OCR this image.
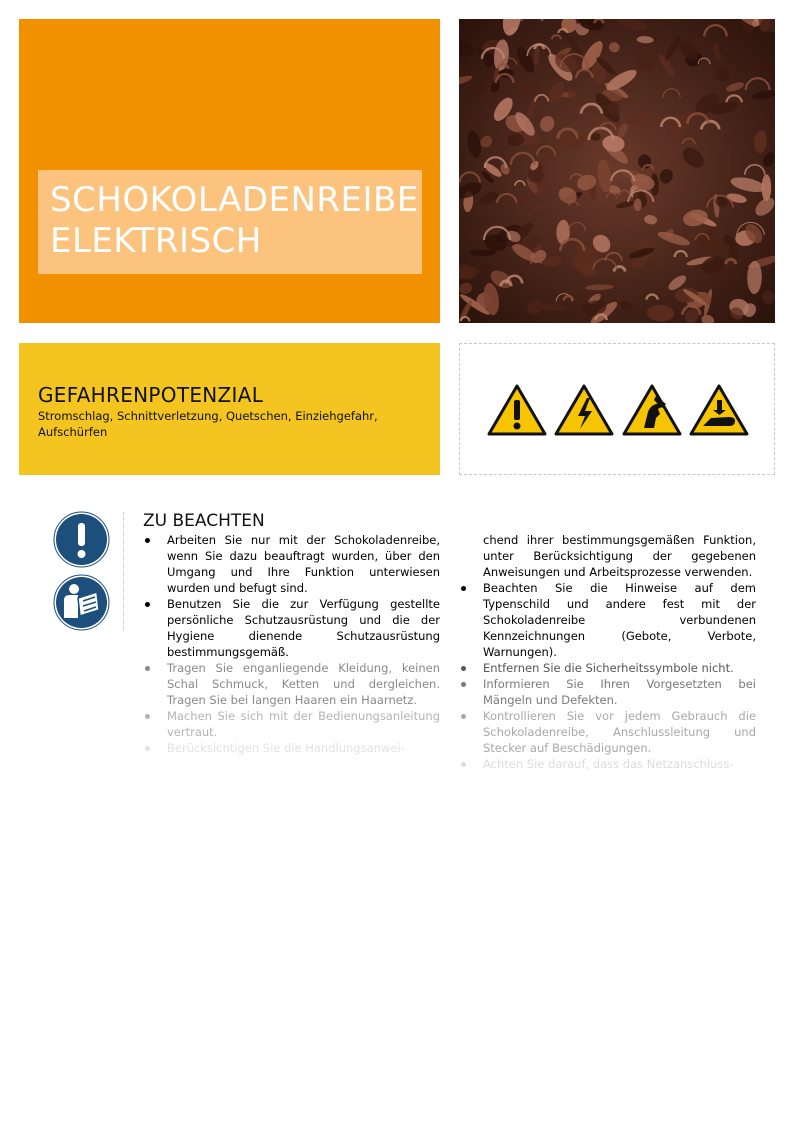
SCHOKOLADENREIBE
ELEKTRISCH
GEFAHRENPOTENZIAL
Stromschlag, Schnittverletzung, Quetschen, Einziehgefahr, Aufschürfen
ZU BEACHTEN
Arbeiten Sie nur mit der Schokoladenreibe, wenn Sie dazu beauftragt wurden, über den Umgang und Ihre Funktion unterwiesen wurden und befugt sind.
Benutzen Sie die zur Verfügung gestellte persönliche Schutzausrüstung und die der Hygiene dienende Schutzausrüstung bestimmungsgemäß.
Tragen Sie enganliegende Kleidung, keinen Schal Schmuck, Ketten und dergleichen. Tragen Sie bei langen Haaren ein Haarnetz.
Machen Sie sich mit der Bedienungsanleitung vertraut.
Berücksichtigen Sie die Handlungsanwei-
chend ihrer bestimmungsgemäßen Funktion, unter Berücksichtigung der gegebenen Anweisungen und Arbeitsprozesse verwenden.
Beachten Sie die Hinweise auf dem Typenschild und andere fest mit der Schokoladenreibe verbundenen Kennzeichnungen (Gebote, Verbote, Warnungen).
Entfernen Sie die Sicherheitssymbole nicht.
Informieren Sie Ihren Vorgesetzten bei Mängeln und Defekten.
Kontrollieren Sie vor jedem Gebrauch die Schokoladenreibe, Anschlussleitung und Stecker auf Beschädigungen.
Achten Sie darauf, dass das Netzanschluss-
